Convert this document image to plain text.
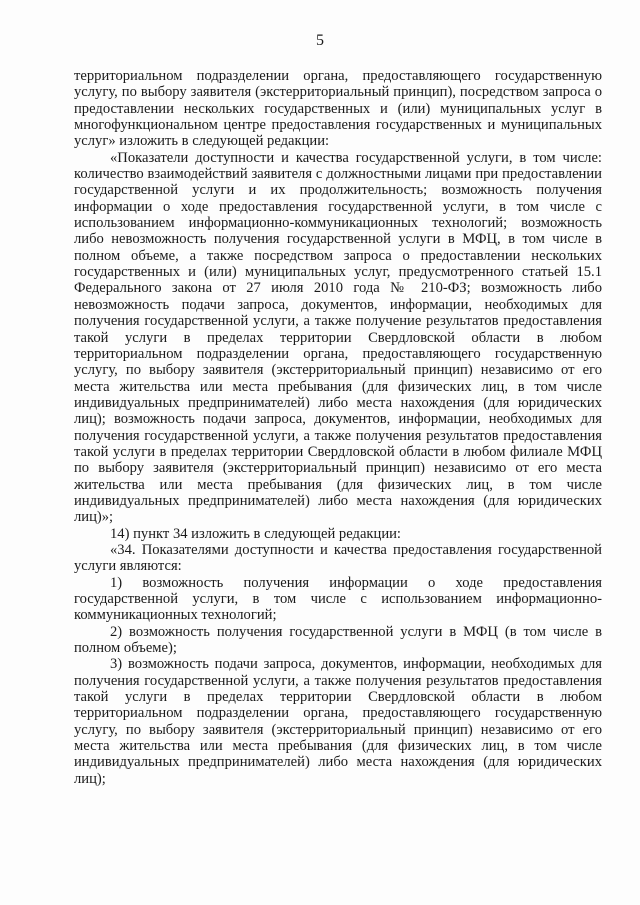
5

территориальном подразделении органа, предоставляющего государственную услугу, по выбору заявителя (экстерриториальный принцип), посредством запроса о предоставлении нескольких государственных и (или) муниципальных услуг в многофункциональном центре предоставления государственных и муниципальных услуг» изложить в следующей редакции:

«Показатели доступности и качества государственной услуги, в том числе: количество взаимодействий заявителя с должностными лицами при предоставлении государственной услуги и их продолжительность; возможность получения информации о ходе предоставления государственной услуги, в том числе с использованием информационно-коммуникационных технологий; возможность либо невозможность получения государственной услуги в МФЦ, в том числе в полном объеме, а также посредством запроса о предоставлении нескольких государственных и (или) муниципальных услуг, предусмотренного статьей 15.1 Федерального закона от 27 июля 2010 года № 210-ФЗ; возможность либо невозможность подачи запроса, документов, информации, необходимых для получения государственной услуги, а также получение результатов предоставления такой услуги в пределах территории Свердловской области в любом территориальном подразделении органа, предоставляющего государственную услугу, по выбору заявителя (экстерриториальный принцип) независимо от его места жительства или места пребывания (для физических лиц, в том числе индивидуальных предпринимателей) либо места нахождения (для юридических лиц); возможность подачи запроса, документов, информации, необходимых для получения государственной услуги, а также получения результатов предоставления такой услуги в пределах территории Свердловской области в любом филиале МФЦ по выбору заявителя (экстерриториальный принцип) независимо от его места жительства или места пребывания (для физических лиц, в том числе индивидуальных предпринимателей) либо места нахождения (для юридических лиц)»;

14) пункт 34 изложить в следующей редакции:

«34. Показателями доступности и качества предоставления государственной услуги являются:

1) возможность получения информации о ходе предоставления государственной услуги, в том числе с использованием информационно-коммуникационных технологий;

2) возможность получения государственной услуги в МФЦ (в том числе в полном объеме);

3) возможность подачи запроса, документов, информации, необходимых для получения государственной услуги, а также получения результатов предоставления такой услуги в пределах территории Свердловской области в любом территориальном подразделении органа, предоставляющего государственную услугу, по выбору заявителя (экстерриториальный принцип) независимо от его места жительства или места пребывания (для физических лиц, в том числе индивидуальных предпринимателей) либо места нахождения (для юридических лиц);
